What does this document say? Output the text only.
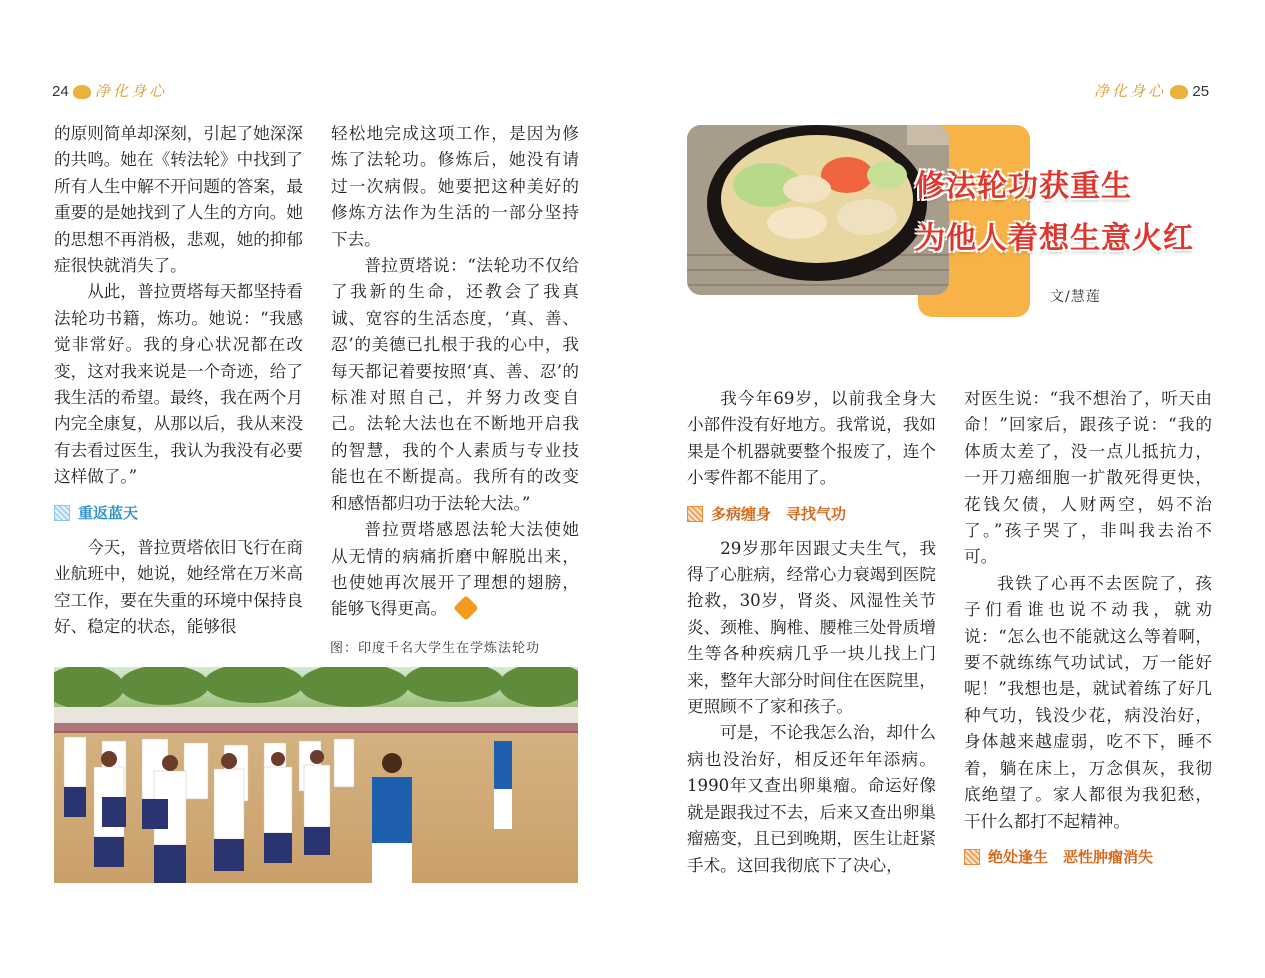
24 净化身心

的原则简单却深刻，引起了她深深的共鸣。她在《转法轮》中找到了所有人生中解不开问题的答案，最重要的是她找到了人生的方向。她的思想不再消极，悲观，她的抑郁症很快就消失了。

从此，普拉贾塔每天都坚持看法轮功书籍，炼功。她说：“我感觉非常好。我的身心状况都在改变，这对我来说是一个奇迹，给了我生活的希望。最终，我在两个月内完全康复，从那以后，我从来没有去看过医生，我认为我没有必要这样做了。”

重返蓝天

今天，普拉贾塔依旧飞行在商业航班中，她说，她经常在万米高空工作，要在失重的环境中保持良好、稳定的状态，能够很

轻松地完成这项工作，是因为修炼了法轮功。修炼后，她没有请过一次病假。她要把这种美好的修炼方法作为生活的一部分坚持下去。

普拉贾塔说：“法轮功不仅给了我新的生命，还教会了我真诚、宽容的生活态度，‘真、善、忍’的美德已扎根于我的心中，我每天都记着要按照‘真、善、忍’的标准对照自己，并努力改变自己。法轮大法也在不断地开启我的智慧，我的个人素质与专业技能也在不断提高。我所有的改变和感悟都归功于法轮大法。”

普拉贾塔感恩法轮大法使她从无情的病痛折磨中解脱出来，也使她再次展开了理想的翅膀，能够飞得更高。

图：印度千名大学生在学炼法轮功
净化身心 25
修法轮功获重生
为他人着想生意火红
文/慧莲

我今年69岁，以前我全身大小部件没有好地方。我常说，我如果是个机器就要整个报废了，连个小零件都不能用了。

多病缠身　寻找气功

29岁那年因跟丈夫生气，我得了心脏病，经常心力衰竭到医院抢救，30岁，肾炎、风湿性关节炎、颈椎、胸椎、腰椎三处骨质增生等各种疾病几乎一块儿找上门来，整年大部分时间住在医院里，更照顾不了家和孩子。

可是，不论我怎么治，却什么病也没治好，相反还年年添病。1990年又查出卵巢瘤。命运好像就是跟我过不去，后来又查出卵巢瘤癌变，且已到晚期，医生让赶紧手术。这回我彻底下了决心，

对医生说：“我不想治了，听天由命！”回家后，跟孩子说：“我的体质太差了，没一点儿抵抗力，一开刀癌细胞一扩散死得更快，花钱欠债，人财两空，妈不治了。”孩子哭了，非叫我去治不可。

我铁了心再不去医院了，孩子们看谁也说不动我，就劝说：“怎么也不能就这么等着啊，要不就练练气功试试，万一能好呢！”我想也是，就试着练了好几种气功，钱没少花，病没治好，身体越来越虚弱，吃不下，睡不着，躺在床上，万念俱灰，我彻底绝望了。家人都很为我犯愁，干什么都打不起精神。

绝处逢生　恶性肿瘤消失
